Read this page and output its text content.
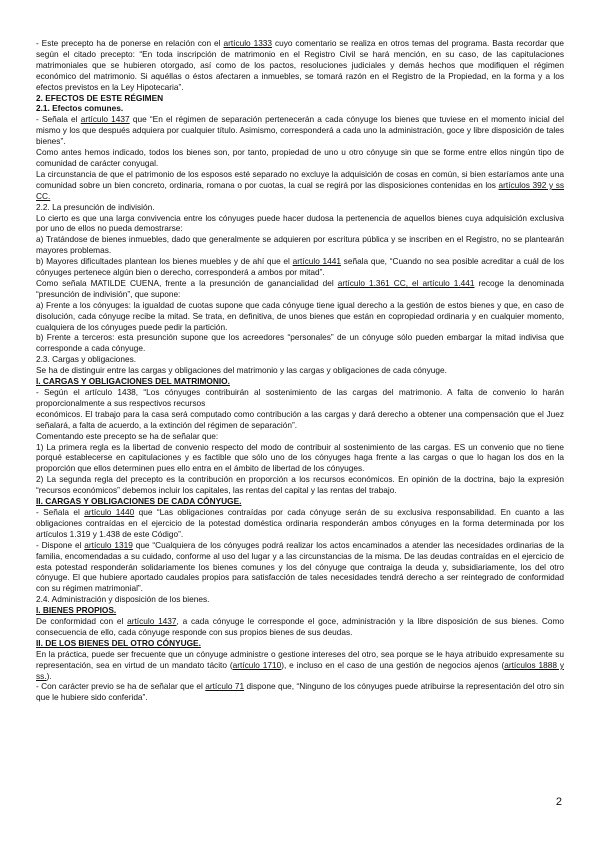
- Este precepto ha de ponerse en relación con el artículo 1333 cuyo comentario se realiza en otros temas del programa. Basta recordar que según el citado precepto: “En toda inscripción de matrimonio en el Registro Civil se hará mención, en su caso, de las capitulaciones matrimoniales que se hubieren otorgado, así como de los pactos, resoluciones judiciales y demás hechos que modifiquen el régimen económico del matrimonio. Si aquéllas o éstos afectaren a inmuebles, se tomará razón en el Registro de la Propiedad, en la forma y a los efectos previstos en la Ley Hipotecaria”.

2. EFECTOS DE ESTE RÉGIMEN

2.1. Efectos comunes.

- Señala el artículo 1437 que “En el régimen de separación pertenecerán a cada cónyuge los bienes que tuviese en el momento inicial del mismo y los que después adquiera por cualquier título. Asimismo, corresponderá a cada uno la administración, goce y libre disposición de tales bienes”.

Como antes hemos indicado, todos los bienes son, por tanto, propiedad de uno u otro cónyuge sin que se forme entre ellos ningún tipo de comunidad de carácter conyugal.

La circunstancia de que el patrimonio de los esposos esté separado no excluye la adquisición de cosas en común, si bien estaríamos ante una comunidad sobre un bien concreto, ordinaria, romana o por cuotas, la cual se regirá por las disposiciones contenidas en los artículos 392 y ss CC.

2.2. La presunción de indivisión.

Lo cierto es que una larga convivencia entre los cónyuges puede hacer dudosa la pertenencia de aquellos bienes cuya adquisición exclusiva por uno de ellos no pueda demostrarse:

a) Tratándose de bienes inmuebles, dado que generalmente se adquieren por escritura pública y se inscriben en el Registro, no se plantearán mayores problemas.

b) Mayores dificultades plantean los bienes muebles y de ahí que el artículo 1441 señala que, “Cuando no sea posible acreditar a cuál de los cónyuges pertenece algún bien o derecho, corresponderá a ambos por mitad”.

Como señala MATILDE CUENA, frente a la presunción de ganancialidad del artículo 1.361 CC, el artículo 1.441 recoge la denominada “presunción de indivisión”, que supone:

a) Frente a los cónyuges: la igualdad de cuotas supone que cada cónyuge tiene igual derecho a la gestión de estos bienes y que, en caso de disolución, cada cónyuge recibe la mitad. Se trata, en definitiva, de unos bienes que están en copropiedad ordinaria y en cualquier momento, cualquiera de los cónyuges puede pedir la partición.

b) Frente a terceros: esta presunción supone que los acreedores “personales” de un cónyuge sólo pueden embargar la mitad indivisa que corresponde a cada cónyuge.

2.3. Cargas y obligaciones.

Se ha de distinguir entre las cargas y obligaciones del matrimonio y las cargas y obligaciones de cada cónyuge.

I. CARGAS Y OBLIGACIONES DEL MATRIMONIO.

- Según el artículo 1438, “Los cónyuges contribuirán al sostenimiento de las cargas del matrimonio. A falta de convenio lo harán proporcionalmente a sus respectivos recursos

económicos. El trabajo para la casa será computado como contribución a las cargas y dará derecho a obtener una compensación que el Juez señalará, a falta de acuerdo, a la extinción del régimen de separación”.

Comentando este precepto se ha de señalar que:

1) La primera regla es la libertad de convenio respecto del modo de contribuir al sostenimiento de las cargas. ES un convenio que no tiene porqué establecerse en capitulaciones y es factible que sólo uno de los cónyuges haga frente a las cargas o que lo hagan los dos en la proporción que ellos determinen pues ello entra en el ámbito de libertad de los cónyuges.

2) La segunda regla del precepto es la contribución en proporción a los recursos económicos. En opinión de la doctrina, bajo la expresión “recursos económicos” debemos incluir los capitales, las rentas del capital y las rentas del trabajo.

II. CARGAS Y OBLIGACIONES DE CADA CÓNYUGE.

- Señala el artículo 1440 que “Las obligaciones contraídas por cada cónyuge serán de su exclusiva responsabilidad. En cuanto a las obligaciones contraídas en el ejercicio de la potestad doméstica ordinaria responderán ambos cónyuges en la forma determinada por los artículos 1.319 y 1.438 de este Código”.

- Dispone el artículo 1319 que “Cualquiera de los cónyuges podrá realizar los actos encaminados a atender las necesidades ordinarias de la familia, encomendadas a su cuidado, conforme al uso del lugar y a las circunstancias de la misma. De las deudas contraídas en el ejercicio de esta potestad responderán solidariamente los bienes comunes y los del cónyuge que contraiga la deuda y, subsidiariamente, los del otro cónyuge. El que hubiere aportado caudales propios para satisfacción de tales necesidades tendrá derecho a ser reintegrado de conformidad con su régimen matrimonial”.

2.4. Administración y disposición de los bienes.

I. BIENES PROPIOS.

De conformidad con el artículo 1437, a cada cónyuge le corresponde el goce, administración y la libre disposición de sus bienes. Como consecuencia de ello, cada cónyuge responde con sus propios bienes de sus deudas.

II. DE LOS BIENES DEL OTRO CÓNYUGE.

En la práctica, puede ser frecuente que un cónyuge administre o gestione intereses del otro, sea porque se le haya atribuido expresamente su representación, sea en virtud de un mandato tácito (artículo 1710), e incluso en el caso de una gestión de negocios ajenos (artículos 1888 y ss.).

- Con carácter previo se ha de señalar que el artículo 71 dispone que, “Ninguno de los cónyuges puede atribuirse la representación del otro sin que le hubiere sido conferida”.

2
